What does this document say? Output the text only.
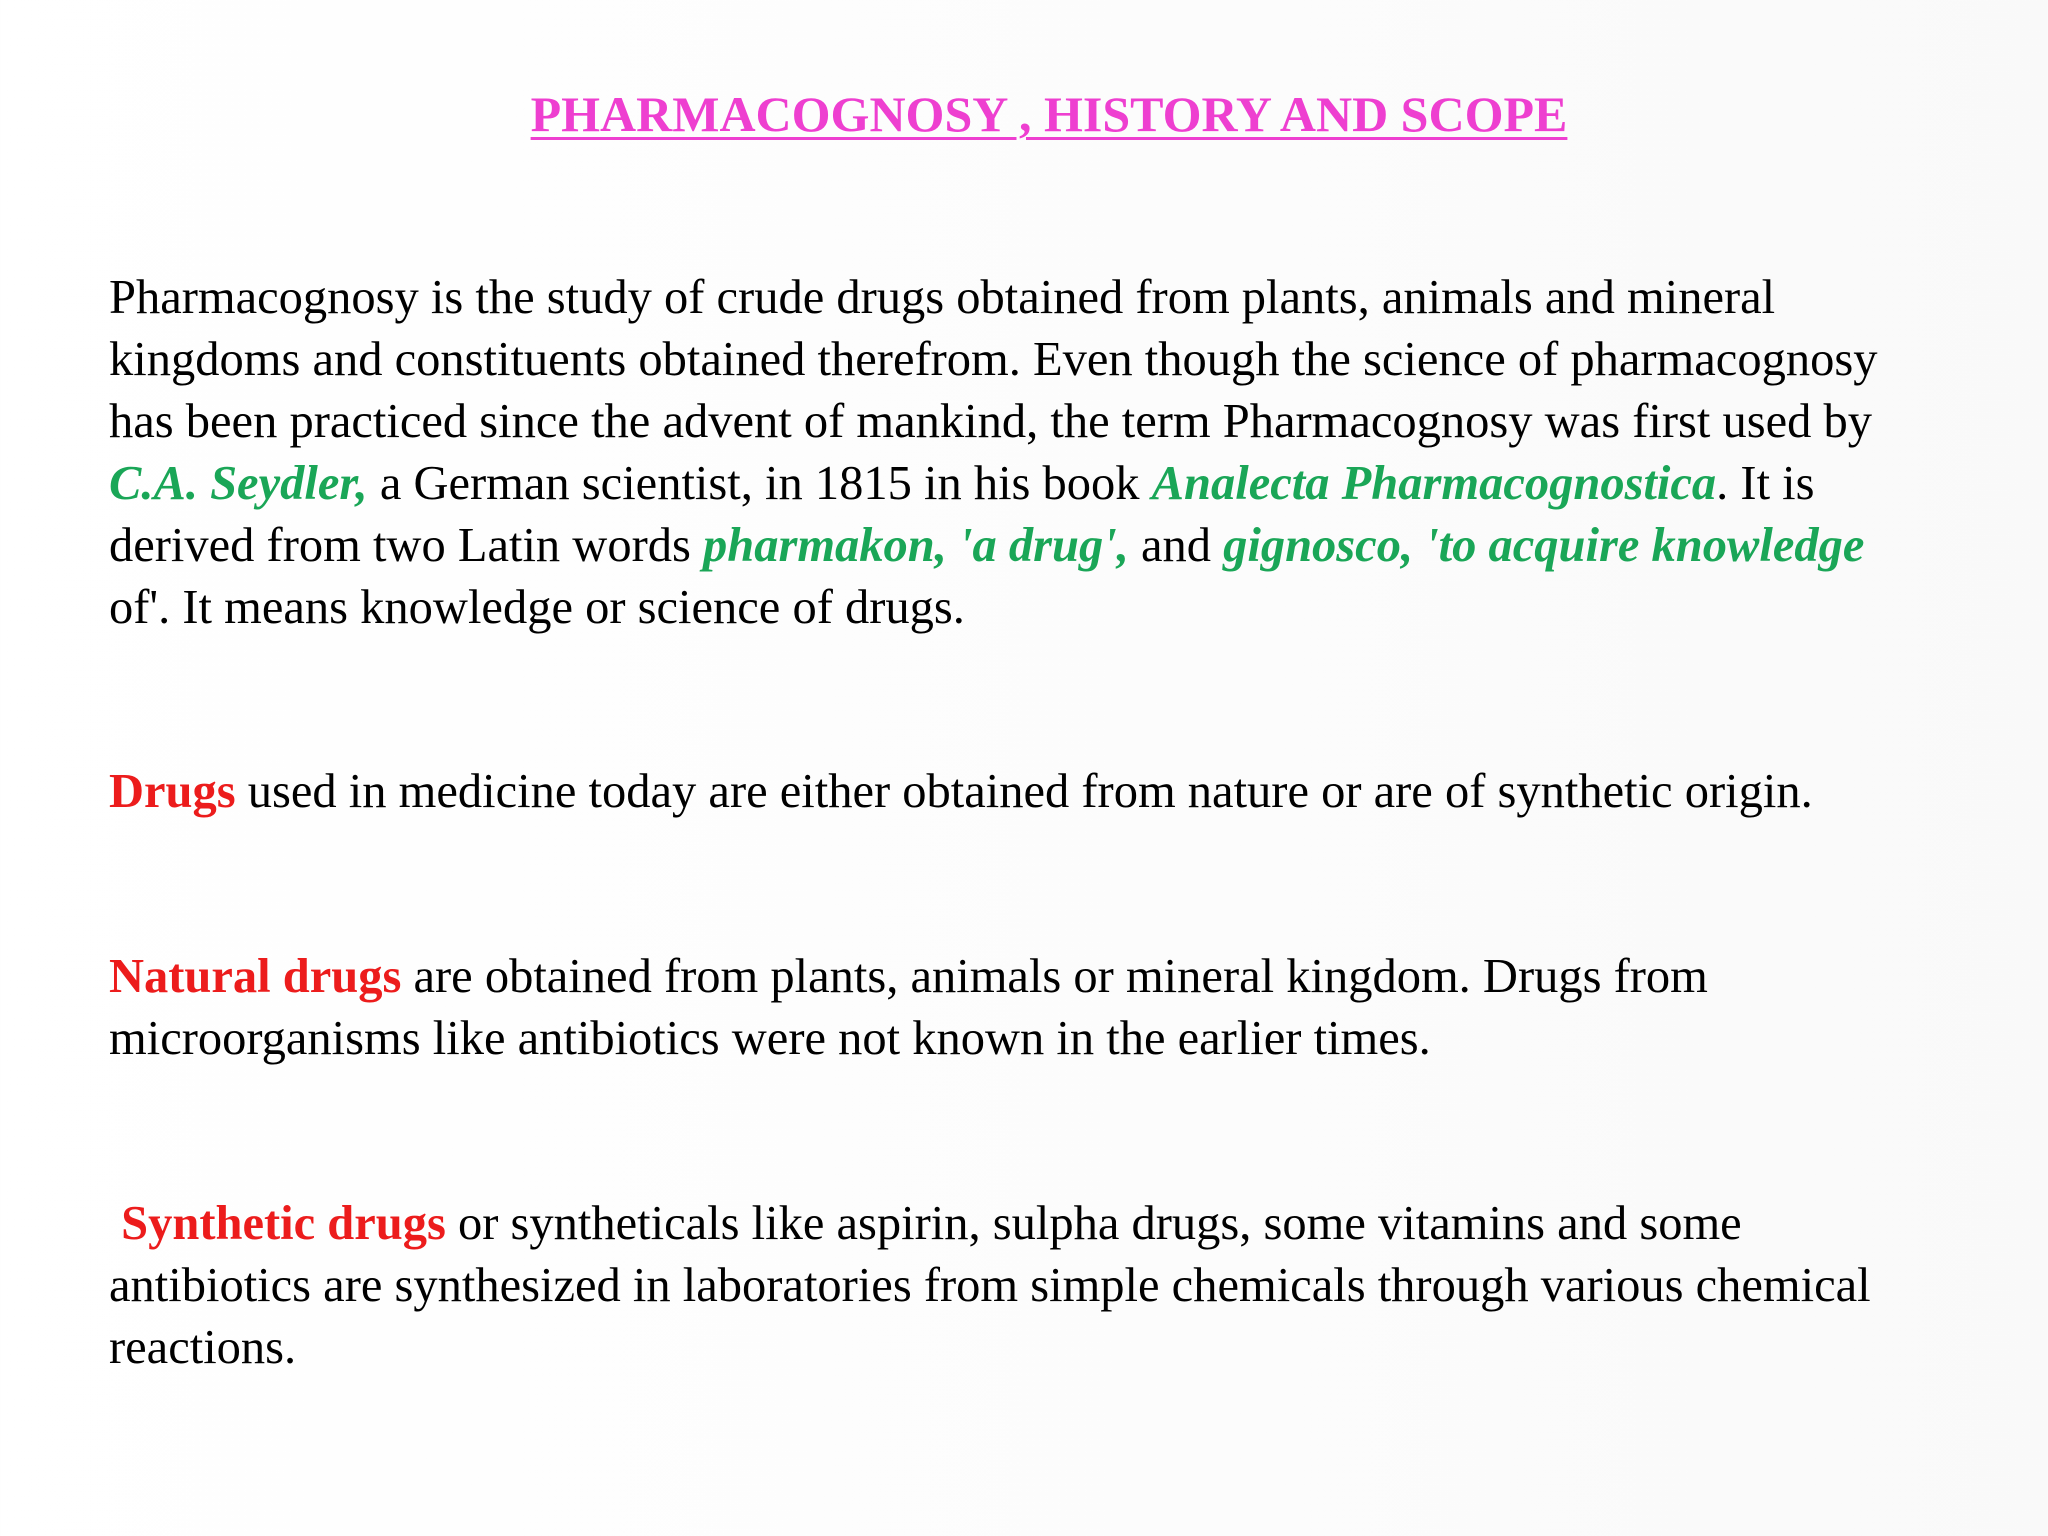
PHARMACOGNOSY , HISTORY AND SCOPE

Pharmacognosy is the study of crude drugs obtained from plants, animals and mineral
kingdoms and constituents obtained therefrom. Even though the science of pharmacognosy
has been practiced since the advent of mankind, the term Pharmacognosy was first used by
C.A. Seydler, a German scientist, in 1815 in his book Analecta Pharmacognostica. It is
derived from two Latin words pharmakon, 'a drug', and gignosco, 'to acquire knowledge
of'. It means knowledge or science of drugs.

Drugs used in medicine today are either obtained from nature or are of synthetic origin.

Natural drugs are obtained from plants, animals or mineral kingdom. Drugs from
microorganisms like antibiotics were not known in the earlier times.

Synthetic drugs or syntheticals like aspirin, sulpha drugs, some vitamins and some
antibiotics are synthesized in laboratories from simple chemicals through various chemical
reactions.
